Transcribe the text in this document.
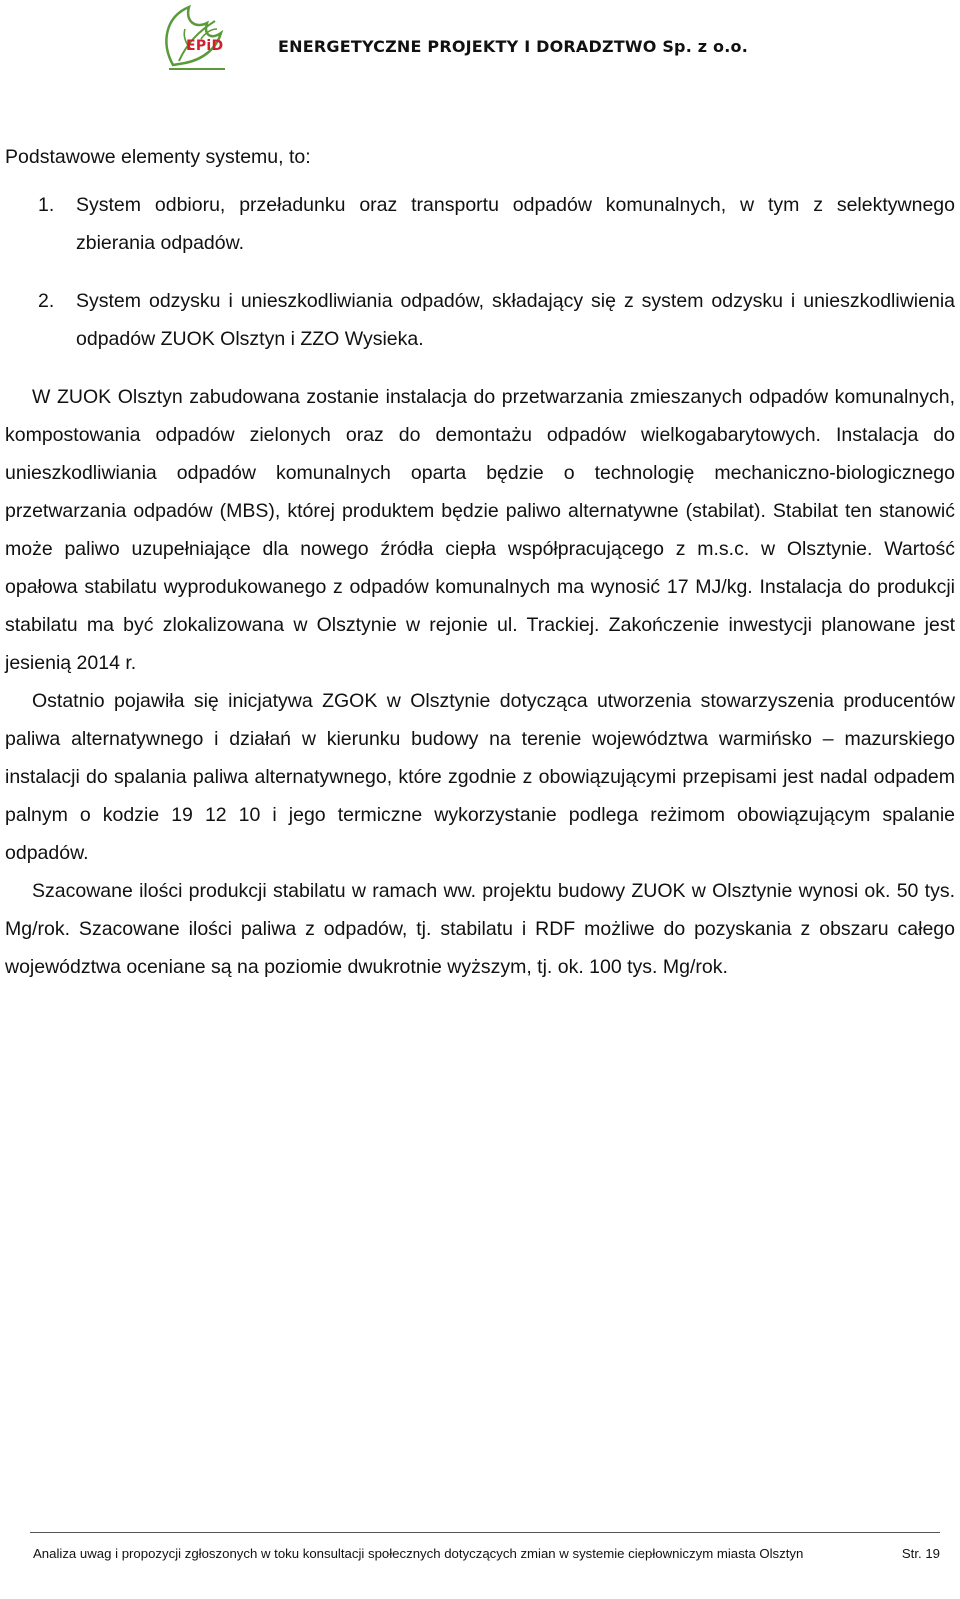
EPiD	ENERGETYCZNE PROJEKTY I DORADZTWO Sp. z o.o.

Podstawowe elementy systemu, to:

1. System odbioru, przeładunku oraz transportu odpadów komunalnych, w tym z selektywnego zbierania odpadów.
2. System odzysku i unieszkodliwiania odpadów, składający się z system odzysku i unieszkodliwienia odpadów ZUOK Olsztyn i ZZO Wysieka.

W ZUOK Olsztyn zabudowana zostanie instalacja do przetwarzania zmieszanych odpadów komunalnych, kompostowania odpadów zielonych oraz do demontażu odpadów wielkogabarytowych. Instalacja do unieszkodliwiania odpadów komunalnych oparta będzie o technologię mechaniczno-biologicznego przetwarzania odpadów (MBS), której produktem będzie paliwo alternatywne (stabilat). Stabilat ten stanowić może paliwo uzupełniające dla nowego źródła ciepła współpracującego z m.s.c. w Olsztynie. Wartość opałowa stabilatu wyprodukowanego z odpadów komunalnych ma wynosić 17 MJ/kg. Instalacja do produkcji stabilatu ma być zlokalizowana w Olsztynie w rejonie ul. Trackiej. Zakończenie inwestycji planowane jest jesienią 2014 r.

Ostatnio pojawiła się inicjatywa ZGOK w Olsztynie dotycząca utworzenia stowarzyszenia producentów paliwa alternatywnego i działań w kierunku budowy na terenie województwa warmińsko – mazurskiego instalacji do spalania paliwa alternatywnego, które zgodnie z obowiązującymi przepisami jest nadal odpadem palnym o kodzie 19 12 10 i jego termiczne wykorzystanie podlega reżimom obowiązującym spalanie odpadów.

Szacowane ilości produkcji stabilatu w ramach ww. projektu budowy ZUOK w Olsztynie wynosi ok. 50 tys. Mg/rok. Szacowane ilości paliwa z odpadów, tj. stabilatu i RDF możliwe do pozyskania z obszaru całego województwa oceniane są na poziomie dwukrotnie wyższym, tj. ok. 100 tys. Mg/rok.

Analiza uwag i propozycji zgłoszonych w toku konsultacji społecznych dotyczących zmian w systemie ciepłowniczym miasta Olsztyn	Str. 19
